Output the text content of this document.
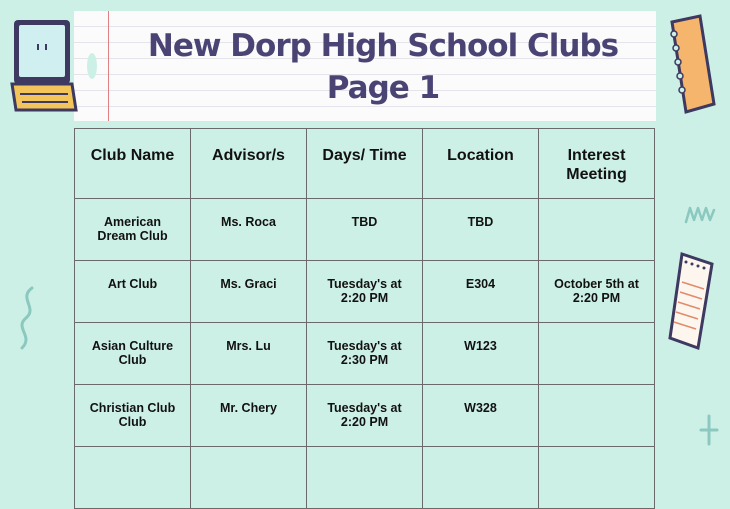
New Dorp High School Clubs
Page 1
Club Name	Advisor/s	Days/ Time	Location	Interest Meeting
American Dream Club	Ms. Roca	TBD	TBD	
Art Club	Ms. Graci	Tuesday's at 2:20 PM	E304	October 5th at 2:20 PM
Asian Culture Club	Mrs. Lu	Tuesday's at 2:30 PM	W123	
Christian Club Club	Mr. Chery	Tuesday's at 2:20 PM	W328	
